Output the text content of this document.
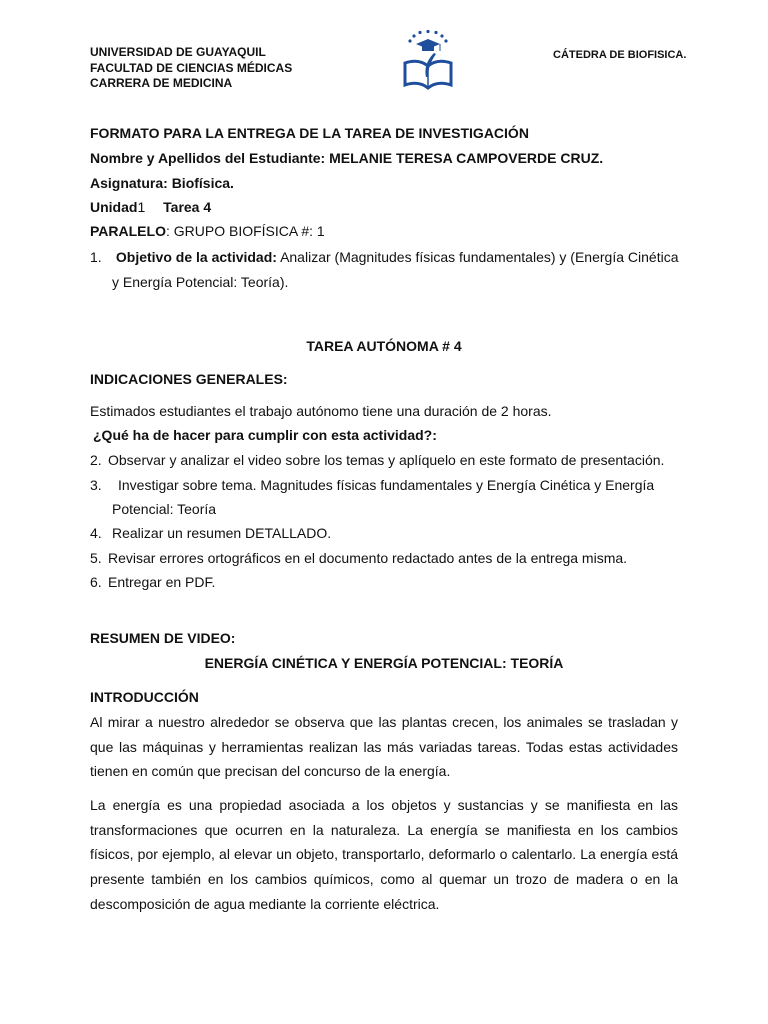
UNIVERSIDAD DE GUAYAQUIL
FACULTAD DE CIENCIAS MÉDICAS
CARRERA DE MEDICINA
CÁTEDRA DE BIOFISICA.
FORMATO PARA LA ENTREGA DE LA TAREA DE INVESTIGACIÓN
Nombre y Apellidos del Estudiante: MELANIE TERESA CAMPOVERDE CRUZ.
Asignatura: Biofísica.
Unidad1 Tarea 4
PARALELO: GRUPO BIOFÍSICA #: 1
1. Objetivo de la actividad: Analizar (Magnitudes físicas fundamentales) y (Energía Cinética
y Energía Potencial: Teoría).
TAREA AUTÓNOMA # 4
INDICACIONES GENERALES:
Estimados estudiantes el trabajo autónomo tiene una duración de 2 horas.
¿Qué ha de hacer para cumplir con esta actividad?:
2. Observar y analizar el video sobre los temas y aplíquelo en este formato de presentación.
3. Investigar sobre tema. Magnitudes físicas fundamentales y Energía Cinética y Energía
Potencial: Teoría
4. Realizar un resumen DETALLADO.
5. Revisar errores ortográficos en el documento redactado antes de la entrega misma.
6. Entregar en PDF.
RESUMEN DE VIDEO:
ENERGÍA CINÉTICA Y ENERGÍA POTENCIAL: TEORÍA
INTRODUCCIÓN
Al mirar a nuestro alrededor se observa que las plantas crecen, los animales se trasladan y que las máquinas y herramientas realizan las más variadas tareas. Todas estas actividades tienen en común que precisan del concurso de la energía.
La energía es una propiedad asociada a los objetos y sustancias y se manifiesta en las transformaciones que ocurren en la naturaleza. La energía se manifiesta en los cambios físicos, por ejemplo, al elevar un objeto, transportarlo, deformarlo o calentarlo. La energía está presente también en los cambios químicos, como al quemar un trozo de madera o en la descomposición de agua mediante la corriente eléctrica.
